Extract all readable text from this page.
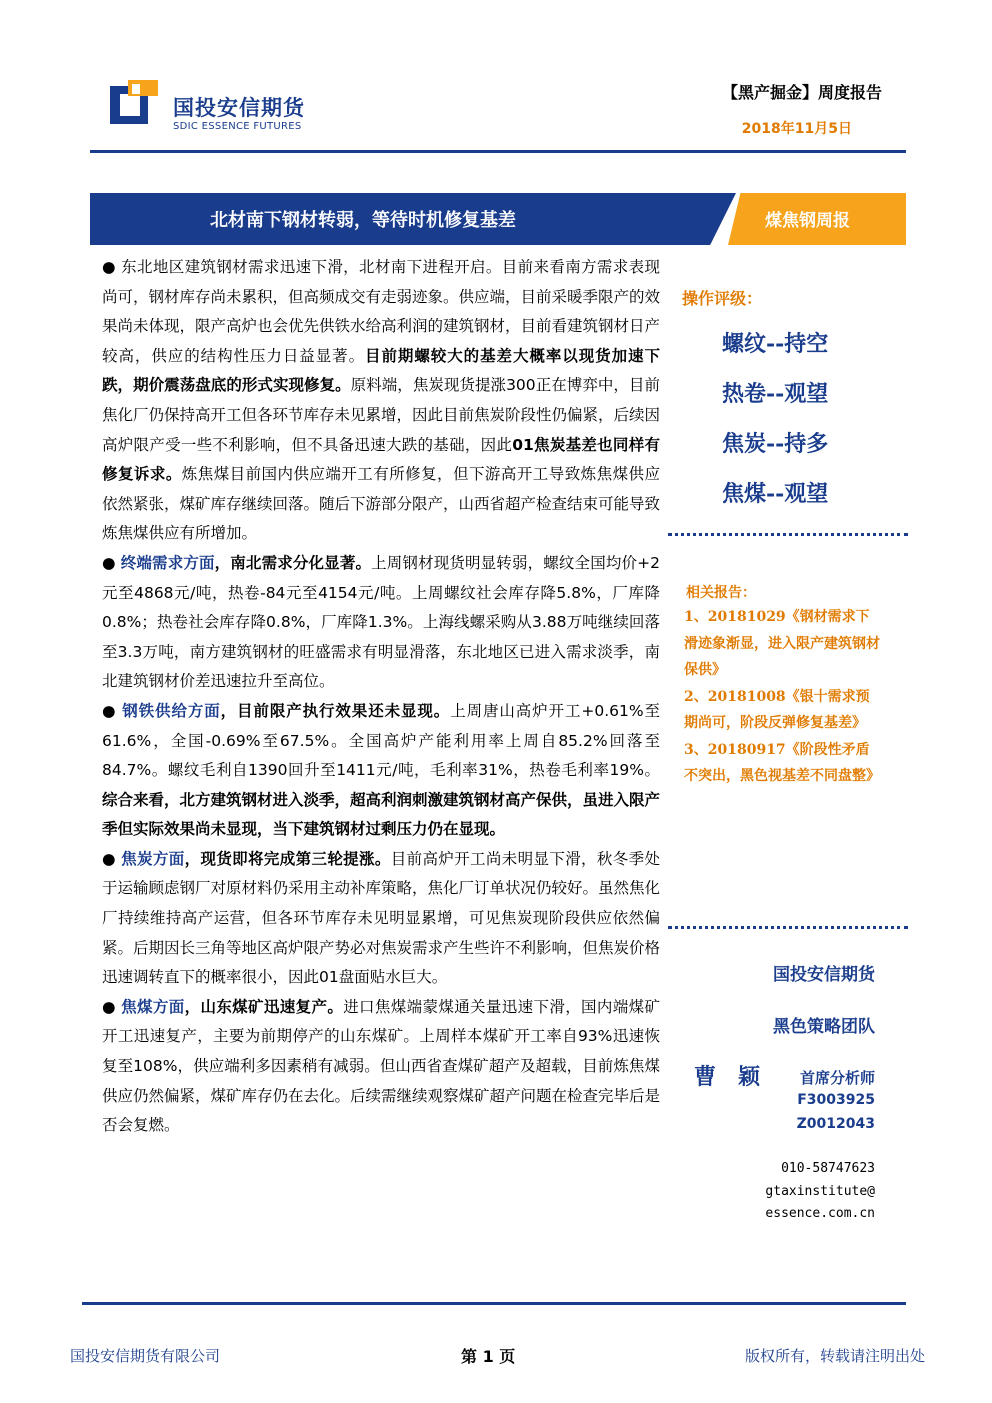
国投安信期货
SDIC ESSENCE FUTURES
【黑产掘金】周度报告
2018年11月5日
北材南下钢材转弱，等待时机修复基差	煤焦钢周报

● 东北地区建筑钢材需求迅速下滑，北材南下进程开启。目前来看南方需求表现尚可，钢材库存尚未累积，但高频成交有走弱迹象。供应端，目前采暖季限产的效果尚未体现，限产高炉也会优先供铁水给高利润的建筑钢材，目前看建筑钢材日产较高，供应的结构性压力日益显著。目前期螺较大的基差大概率以现货加速下跌，期价震荡盘底的形式实现修复。原料端，焦炭现货提涨300正在博弈中，目前焦化厂仍保持高开工但各环节库存未见累增，因此目前焦炭阶段性仍偏紧，后续因高炉限产受一些不利影响，但不具备迅速大跌的基础，因此01焦炭基差也同样有修复诉求。炼焦煤目前国内供应端开工有所修复，但下游高开工导致炼焦煤供应依然紧张，煤矿库存继续回落。随后下游部分限产，山西省超产检查结束可能导致炼焦煤供应有所增加。

● 终端需求方面，南北需求分化显著。上周钢材现货明显转弱，螺纹全国均价+2元至4868元/吨，热卷-84元至4154元/吨。上周螺纹社会库存降5.8%，厂库降0.8%；热卷社会库存降0.8%，厂库降1.3%。上海线螺采购从3.88万吨继续回落至3.3万吨，南方建筑钢材的旺盛需求有明显滑落，东北地区已进入需求淡季，南北建筑钢材价差迅速拉升至高位。

● 钢铁供给方面，目前限产执行效果还未显现。上周唐山高炉开工+0.61%至61.6%，全国-0.69%至67.5%。全国高炉产能利用率上周自85.2%回落至84.7%。螺纹毛利自1390回升至1411元/吨，毛利率31%，热卷毛利率19%。综合来看，北方建筑钢材进入淡季，超高利润刺激建筑钢材高产保供，虽进入限产季但实际效果尚未显现，当下建筑钢材过剩压力仍在显现。

● 焦炭方面，现货即将完成第三轮提涨。目前高炉开工尚未明显下滑，秋冬季处于运输顾虑钢厂对原材料仍采用主动补库策略，焦化厂订单状况仍较好。虽然焦化厂持续维持高产运营，但各环节库存未见明显累增，可见焦炭现阶段供应依然偏紧。后期因长三角等地区高炉限产势必对焦炭需求产生些许不利影响，但焦炭价格迅速调转直下的概率很小，因此01盘面贴水巨大。

● 焦煤方面，山东煤矿迅速复产。进口焦煤端蒙煤通关量迅速下滑，国内端煤矿开工迅速复产，主要为前期停产的山东煤矿。上周样本煤矿开工率自93%迅速恢复至108%，供应端利多因素稍有减弱。但山西省查煤矿超产及超载，目前炼焦煤供应仍然偏紧，煤矿库存仍在去化。后续需继续观察煤矿超产问题在检查完毕后是否会复燃。

操作评级：
螺纹--持空
热卷--观望
焦炭--持多
焦煤--观望
相关报告：

1、20181029《钢材需求下滑迹象渐显，进入限产建筑钢材保供》

2、20181008《银十需求预期尚可，阶段反弹修复基差》

3、20180917《阶段性矛盾不突出，黑色视基差不同盘整》

国投安信期货
黑色策略团队
曹颖 首席分析师
F3003925
Z0012043
010-58747623
gtaxinstitute@
essence.com.cn
国投安信期货有限公司	第 1 页	版权所有，转载请注明出处
